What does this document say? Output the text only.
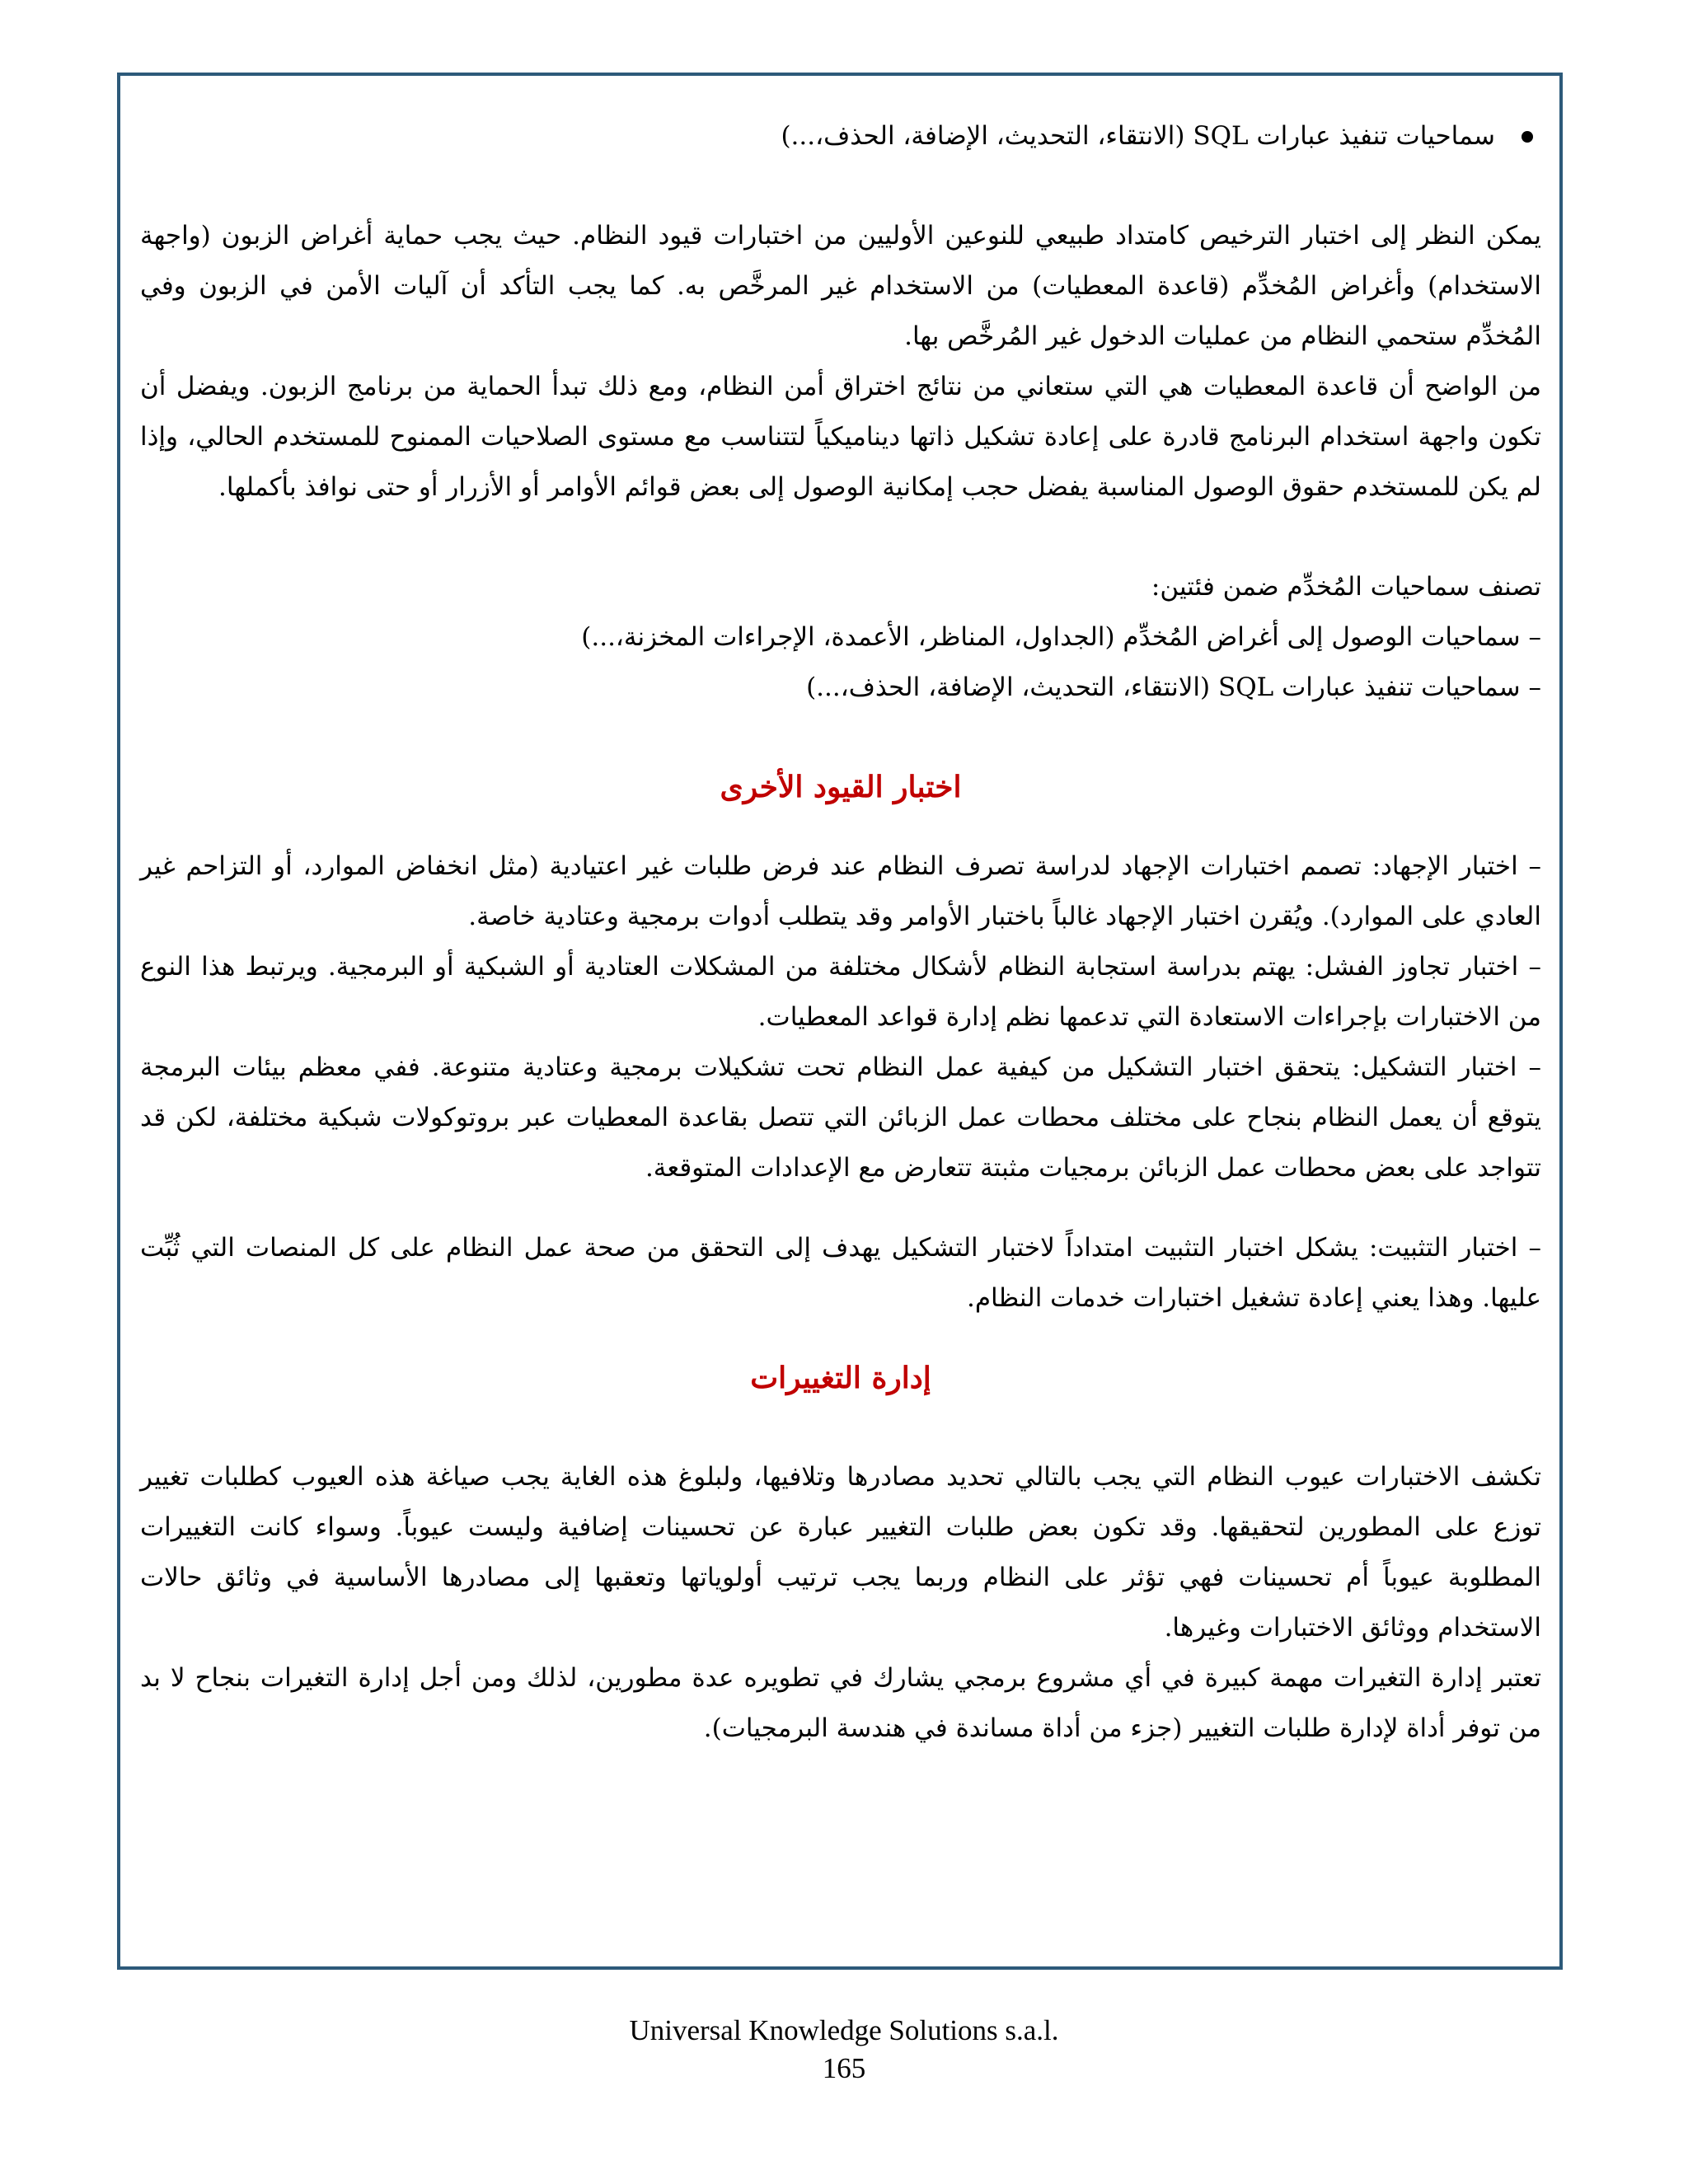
سماحيات تنفيذ عبارات SQL (الانتقاء، التحديث، الإضافة، الحذف،...)

يمكن النظر إلى اختبار الترخيص كامتداد طبيعي للنوعين الأوليين من اختبارات قيود النظام. حيث يجب حماية أغراض الزبون (واجهة الاستخدام) وأغراض المُخدِّم (قاعدة المعطيات) من الاستخدام غير المرخَّص به. كما يجب التأكد أن آليات الأمن في الزبون وفي المُخدِّم ستحمي النظام من عمليات الدخول غير المُرخَّص بها.

من الواضح أن قاعدة المعطيات هي التي ستعاني من نتائج اختراق أمن النظام، ومع ذلك تبدأ الحماية من برنامج الزبون. ويفضل أن تكون واجهة استخدام البرنامج قادرة على إعادة تشكيل ذاتها ديناميكياً لتتناسب مع مستوى الصلاحيات الممنوح للمستخدم الحالي، وإذا لم يكن للمستخدم حقوق الوصول المناسبة يفضل حجب إمكانية الوصول إلى بعض قوائم الأوامر أو الأزرار أو حتى نوافذ بأكملها.

تصنف سماحيات المُخدِّم ضمن فئتين:

– سماحيات الوصول إلى أغراض المُخدِّم (الجداول، المناظر، الأعمدة، الإجراءات المخزنة،...)

– سماحيات تنفيذ عبارات SQL (الانتقاء، التحديث، الإضافة، الحذف،...)

اختبار القيود الأخرى

– اختبار الإجهاد: تصمم اختبارات الإجهاد لدراسة تصرف النظام عند فرض طلبات غير اعتيادية (مثل انخفاض الموارد، أو التزاحم غير العادي على الموارد). ويُقرن اختبار الإجهاد غالباً باختبار الأوامر وقد يتطلب أدوات برمجية وعتادية خاصة.

– اختبار تجاوز الفشل: يهتم بدراسة استجابة النظام لأشكال مختلفة من المشكلات العتادية أو الشبكية أو البرمجية. ويرتبط هذا النوع من الاختبارات بإجراءات الاستعادة التي تدعمها نظم إدارة قواعد المعطيات.

– اختبار التشكيل: يتحقق اختبار التشكيل من كيفية عمل النظام تحت تشكيلات برمجية وعتادية متنوعة. ففي معظم بيئات البرمجة يتوقع أن يعمل النظام بنجاح على مختلف محطات عمل الزبائن التي تتصل بقاعدة المعطيات عبر بروتوكولات شبكية مختلفة، لكن قد تتواجد على بعض محطات عمل الزبائن برمجيات مثبتة تتعارض مع الإعدادات المتوقعة.

– اختبار التثبيت: يشكل اختبار التثبيت امتداداً لاختبار التشكيل يهدف إلى التحقق من صحة عمل النظام على كل المنصات التي ثُبِّت عليها. وهذا يعني إعادة تشغيل اختبارات خدمات النظام.

إدارة التغييرات

تكشف الاختبارات عيوب النظام التي يجب بالتالي تحديد مصادرها وتلافيها، ولبلوغ هذه الغاية يجب صياغة هذه العيوب كطلبات تغيير توزع على المطورين لتحقيقها. وقد تكون بعض طلبات التغيير عبارة عن تحسينات إضافية وليست عيوباً. وسواء كانت التغييرات المطلوبة عيوباً أم تحسينات فهي تؤثر على النظام وربما يجب ترتيب أولوياتها وتعقبها إلى مصادرها الأساسية في وثائق حالات الاستخدام ووثائق الاختبارات وغيرها.

تعتبر إدارة التغيرات مهمة كبيرة في أي مشروع برمجي يشارك في تطويره عدة مطورين، لذلك ومن أجل إدارة التغيرات بنجاح لا بد من توفر أداة لإدارة طلبات التغيير (جزء من أداة مساندة في هندسة البرمجيات).

Universal Knowledge Solutions s.a.l.
165
